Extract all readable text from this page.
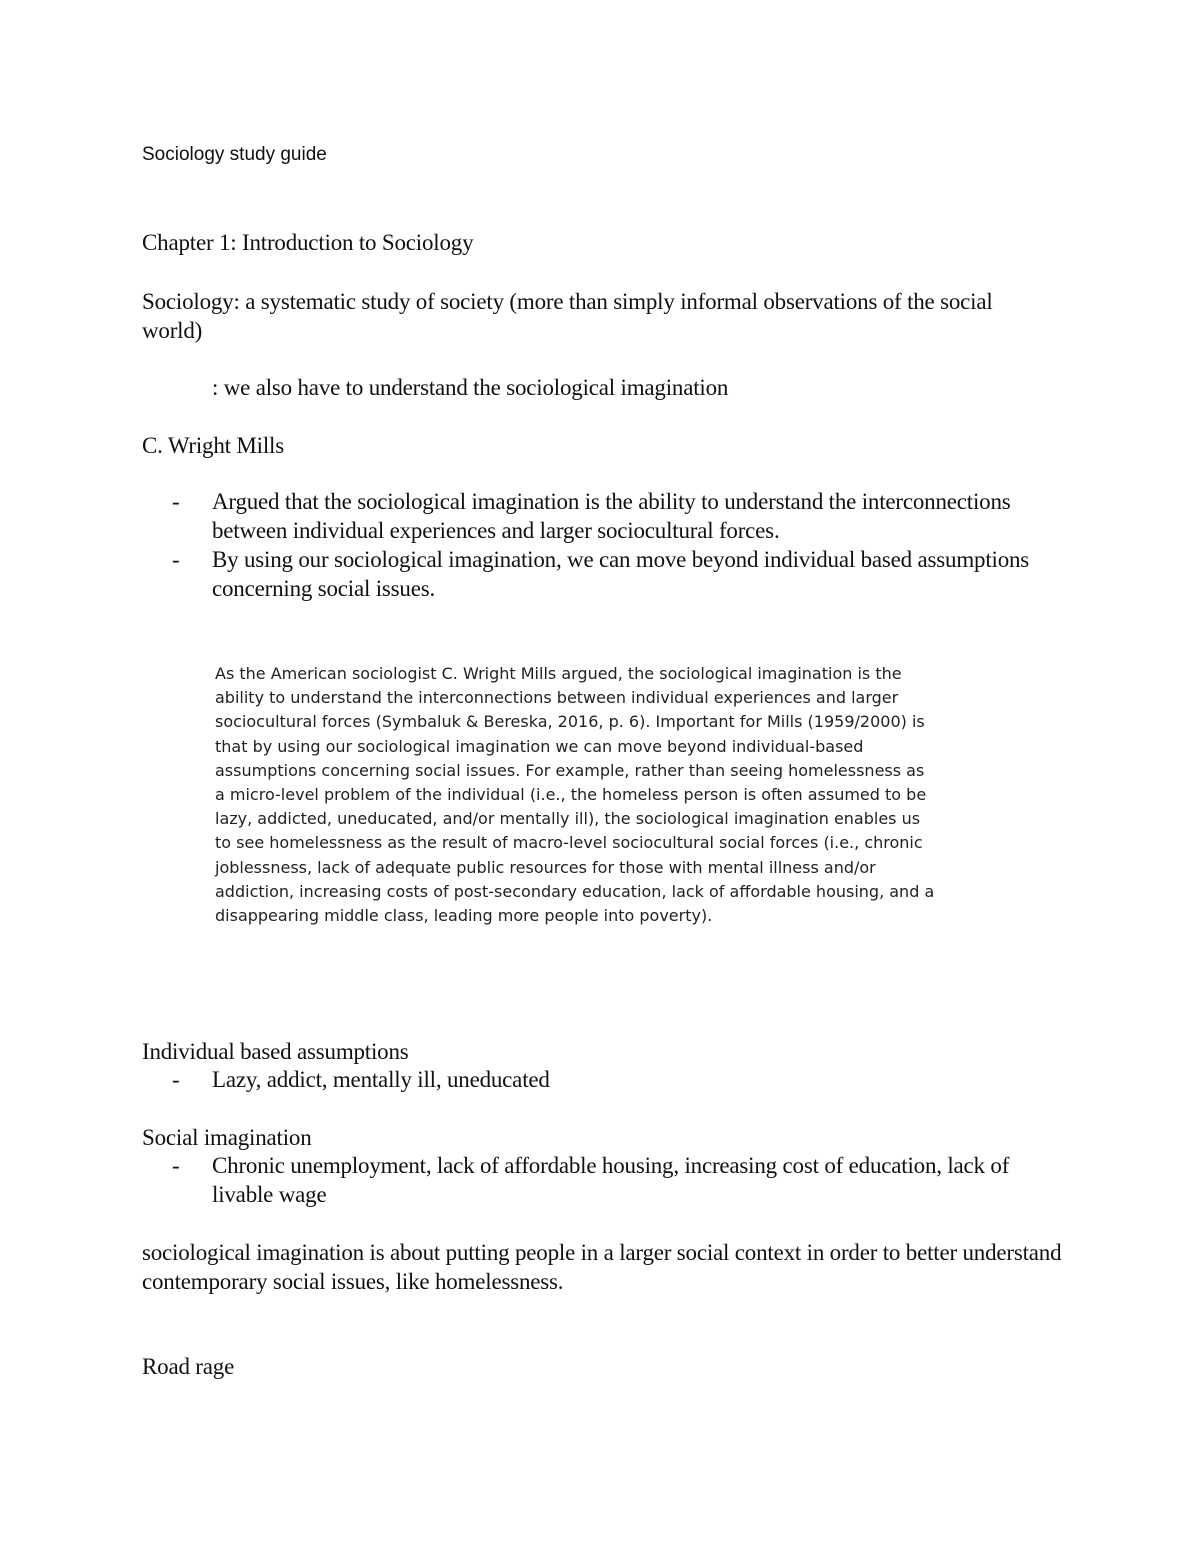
Sociology study guide

Chapter 1: Introduction to Sociology

Sociology: a systematic study of society (more than simply informal observations of the social world)

: we also have to understand the sociological imagination

C. Wright Mills

-	Argued that the sociological imagination is the ability to understand the interconnections between individual experiences and larger sociocultural forces.
-	By using our sociological imagination, we can move beyond individual based assumptions concerning social issues.

As the American sociologist C. Wright Mills argued, the sociological imagination is the ability to understand the interconnections between individual experiences and larger sociocultural forces (Symbaluk & Bereska, 2016, p. 6). Important for Mills (1959/2000) is that by using our sociological imagination we can move beyond individual-based assumptions concerning social issues. For example, rather than seeing homelessness as a micro-level problem of the individual (i.e., the homeless person is often assumed to be lazy, addicted, uneducated, and/or mentally ill), the sociological imagination enables us to see homelessness as the result of macro-level sociocultural social forces (i.e., chronic joblessness, lack of adequate public resources for those with mental illness and/or addiction, increasing costs of post-secondary education, lack of affordable housing, and a disappearing middle class, leading more people into poverty).

Individual based assumptions

-	Lazy, addict, mentally ill, uneducated

Social imagination

-	Chronic unemployment, lack of affordable housing, increasing cost of education, lack of livable wage

sociological imagination is about putting people in a larger social context in order to better understand contemporary social issues, like homelessness.

Road rage
